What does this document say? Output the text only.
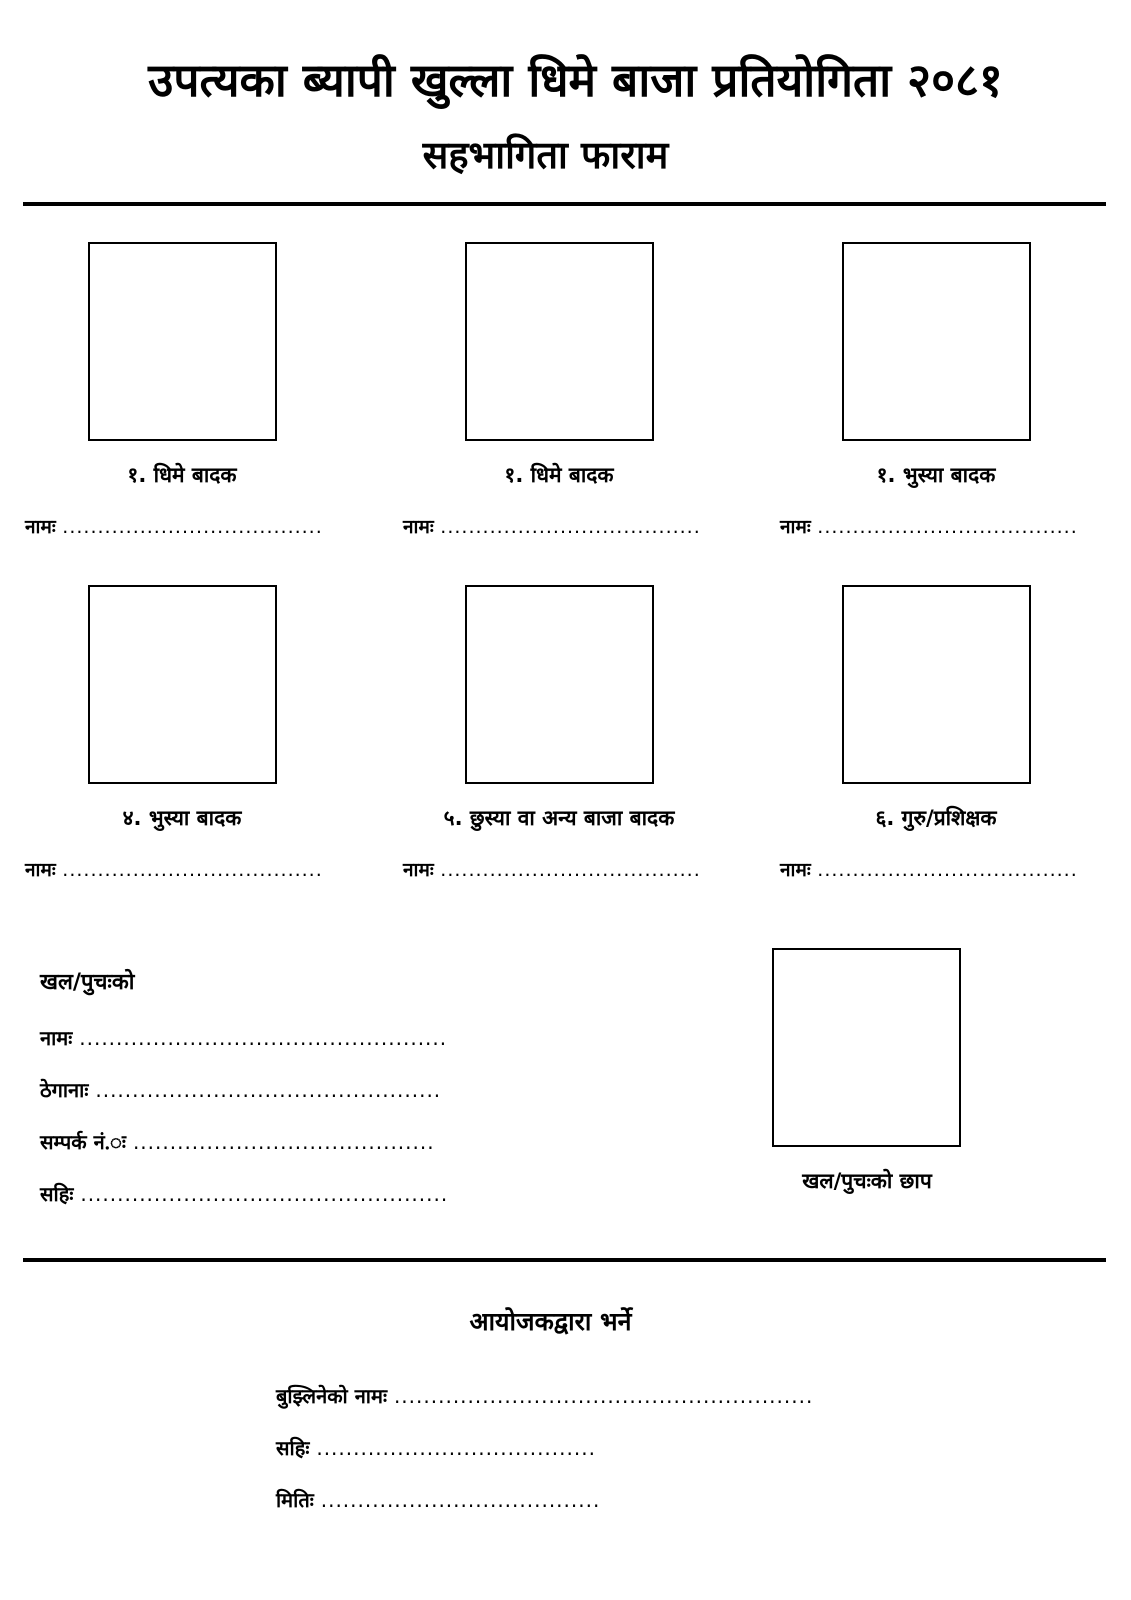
उपत्यका ब्यापी खुल्ला धिमे बाजा प्रतियोगिता २०८१
सहभागिता फाराम
१. धिमे बादक
नामः .....................................
१. धिमे बादक
नामः .....................................
१. भुस्या बादक
नामः .....................................
४. भुस्या बादक
नामः .....................................
५. छुस्या वा अन्य बाजा बादक
नामः .....................................
६. गुरु/प्रशिक्षक
नामः .....................................
खल/पुचःको
नामः ..................................................
ठेगानाः ...............................................
सम्पर्क नं.ः .........................................
सहिः ..................................................
खल/पुचःको छाप
आयोजकद्वारा भर्ने
बुझ्लिनेको नामः .........................................................
सहिः ......................................
मितिः ......................................
